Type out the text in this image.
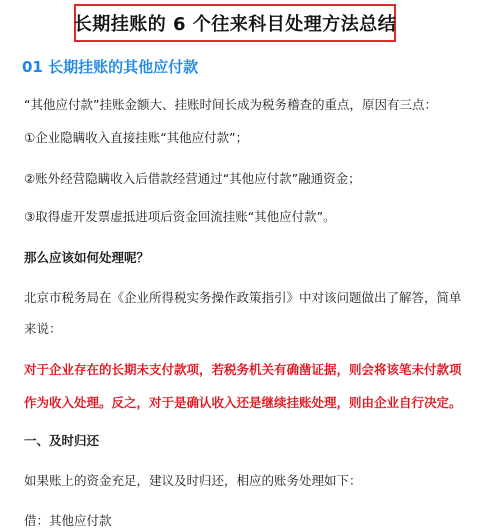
长期挂账的 6 个往来科目处理方法总结
01 长期挂账的其他应付款
“其他应付款”挂账金额大、挂账时间长成为税务稽查的重点，原因有三点：
①企业隐瞒收入直接挂账“其他应付款”；
②账外经营隐瞒收入后借款经营通过“其他应付款”融通资金；
③取得虚开发票虚抵进项后资金回流挂账“其他应付款”。
那么应该如何处理呢？
北京市税务局在《企业所得税实务操作政策指引》中对该问题做出了解答，简单
来说：
对于企业存在的长期未支付款项，若税务机关有确凿证据，则会将该笔未付款项
作为收入处理。反之，对于是确认收入还是继续挂账处理，则由企业自行决定。
一、及时归还
如果账上的资金充足，建议及时归还，相应的账务处理如下：
借：其他应付款
